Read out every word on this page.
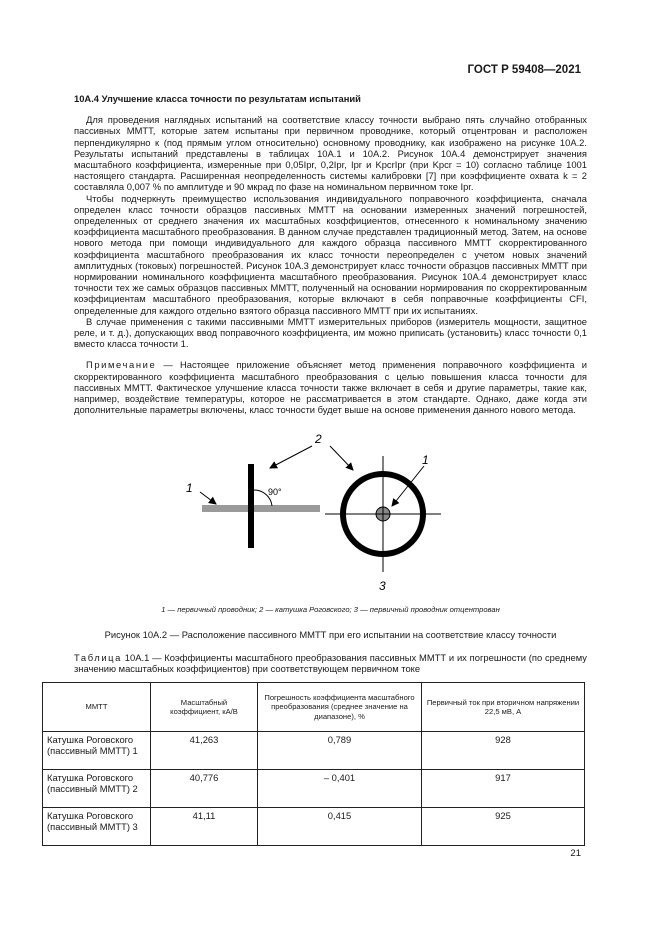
ГОСТ Р 59408—2021

10А.4 Улучшение класса точности по результатам испытаний

Для проведения наглядных испытаний на соответствие классу точности выбрано пять случайно отобранных пассивных ММТТ, которые затем испытаны при первичном проводнике, который отцентрован и расположен перпендикулярно к (под прямым углом относительно) основному проводнику, как изображено на рисунке 10А.2. Результаты испытаний представлены в таблицах 10А.1 и 10А.2. Рисунок 10А.4 демонстрирует значения масштабного коэффициента, измеренные при 0,05Ipr, 0,2Ipr, Ipr и KpcrIpr (при Kpcr = 10) согласно таблице 1001 настоящего стандарта. Расширенная неопределенность системы калибровки [7] при коэффициенте охвата k = 2 составляла 0,007 % по амплитуде и 90 мкрад по фазе на номинальном первичном токе Ipr.

Чтобы подчеркнуть преимущество использования индивидуального поправочного коэффициента, сначала определен класс точности образцов пассивных ММТТ на основании измеренных значений погрешностей, определенных от среднего значения их масштабных коэффициентов, отнесенного к номинальному значению коэффициента масштабного преобразования. В данном случае представлен традиционный метод. Затем, на основе нового метода при помощи индивидуального для каждого образца пассивного ММТТ скорректированного коэффициента масштабного преобразования их класс точности переопределен с учетом новых значений амплитудных (токовых) погрешностей. Рисунок 10А.3 демонстрирует класс точности образцов пассивных ММТТ при нормировании номинального коэффициента масштабного преобразования. Рисунок 10А.4 демонстрирует класс точности тех же самых образцов пассивных ММТТ, полученный на основании нормирования по скорректированным коэффициентам масштабного преобразования, которые включают в себя поправочные коэффициенты CFI, определенные для каждого отдельно взятого образца пассивного ММТТ при их испытаниях.

В случае применения с такими пассивными ММТТ измерительных приборов (измеритель мощности, защитное реле, и т. д.), допускающих ввод поправочного коэффициента, им можно приписать (установить) класс точности 0,1 вместо класса точности 1.

Примечание — Настоящее приложение объясняет метод применения поправочного коэффициента и скорректированного коэффициента масштабного преобразования с целью повышения класса точности для пассивных ММТТ. Фактическое улучшение класса точности также включает в себя и другие параметры, такие как, например, воздействие температуры, которое не рассматривается в этом стандарте. Однако, даже когда эти дополнительные параметры включены, класс точности будет выше на основе применения данного нового метода.

90°
1
2
1
3
1 — первичный проводник; 2 — катушка Роговского; 3 — первичный проводник отцентрован
Рисунок 10А.2 — Расположение пассивного ММТТ при его испытании на соответствие классу точности
Таблица 10А.1 — Коэффициенты масштабного преобразования пассивных ММТТ и их погрешности (по среднему значению масштабных коэффициентов) при соответствующем первичном токе
ММТТ	Масштабный коэффициент, кА/В	Погрешность коэффициента масштабного преобразования (среднее значение на диапазоне), %	Первичный ток при вторичном напряжении 22,5 мВ, А
Катушка Роговского (пассивный ММТТ) 1	41,263	0,789	928
Катушка Роговского (пассивный ММТТ) 2	40,776	– 0,401	917
Катушка Роговского (пассивный ММТТ) 3	41,11	0,415	925
21
